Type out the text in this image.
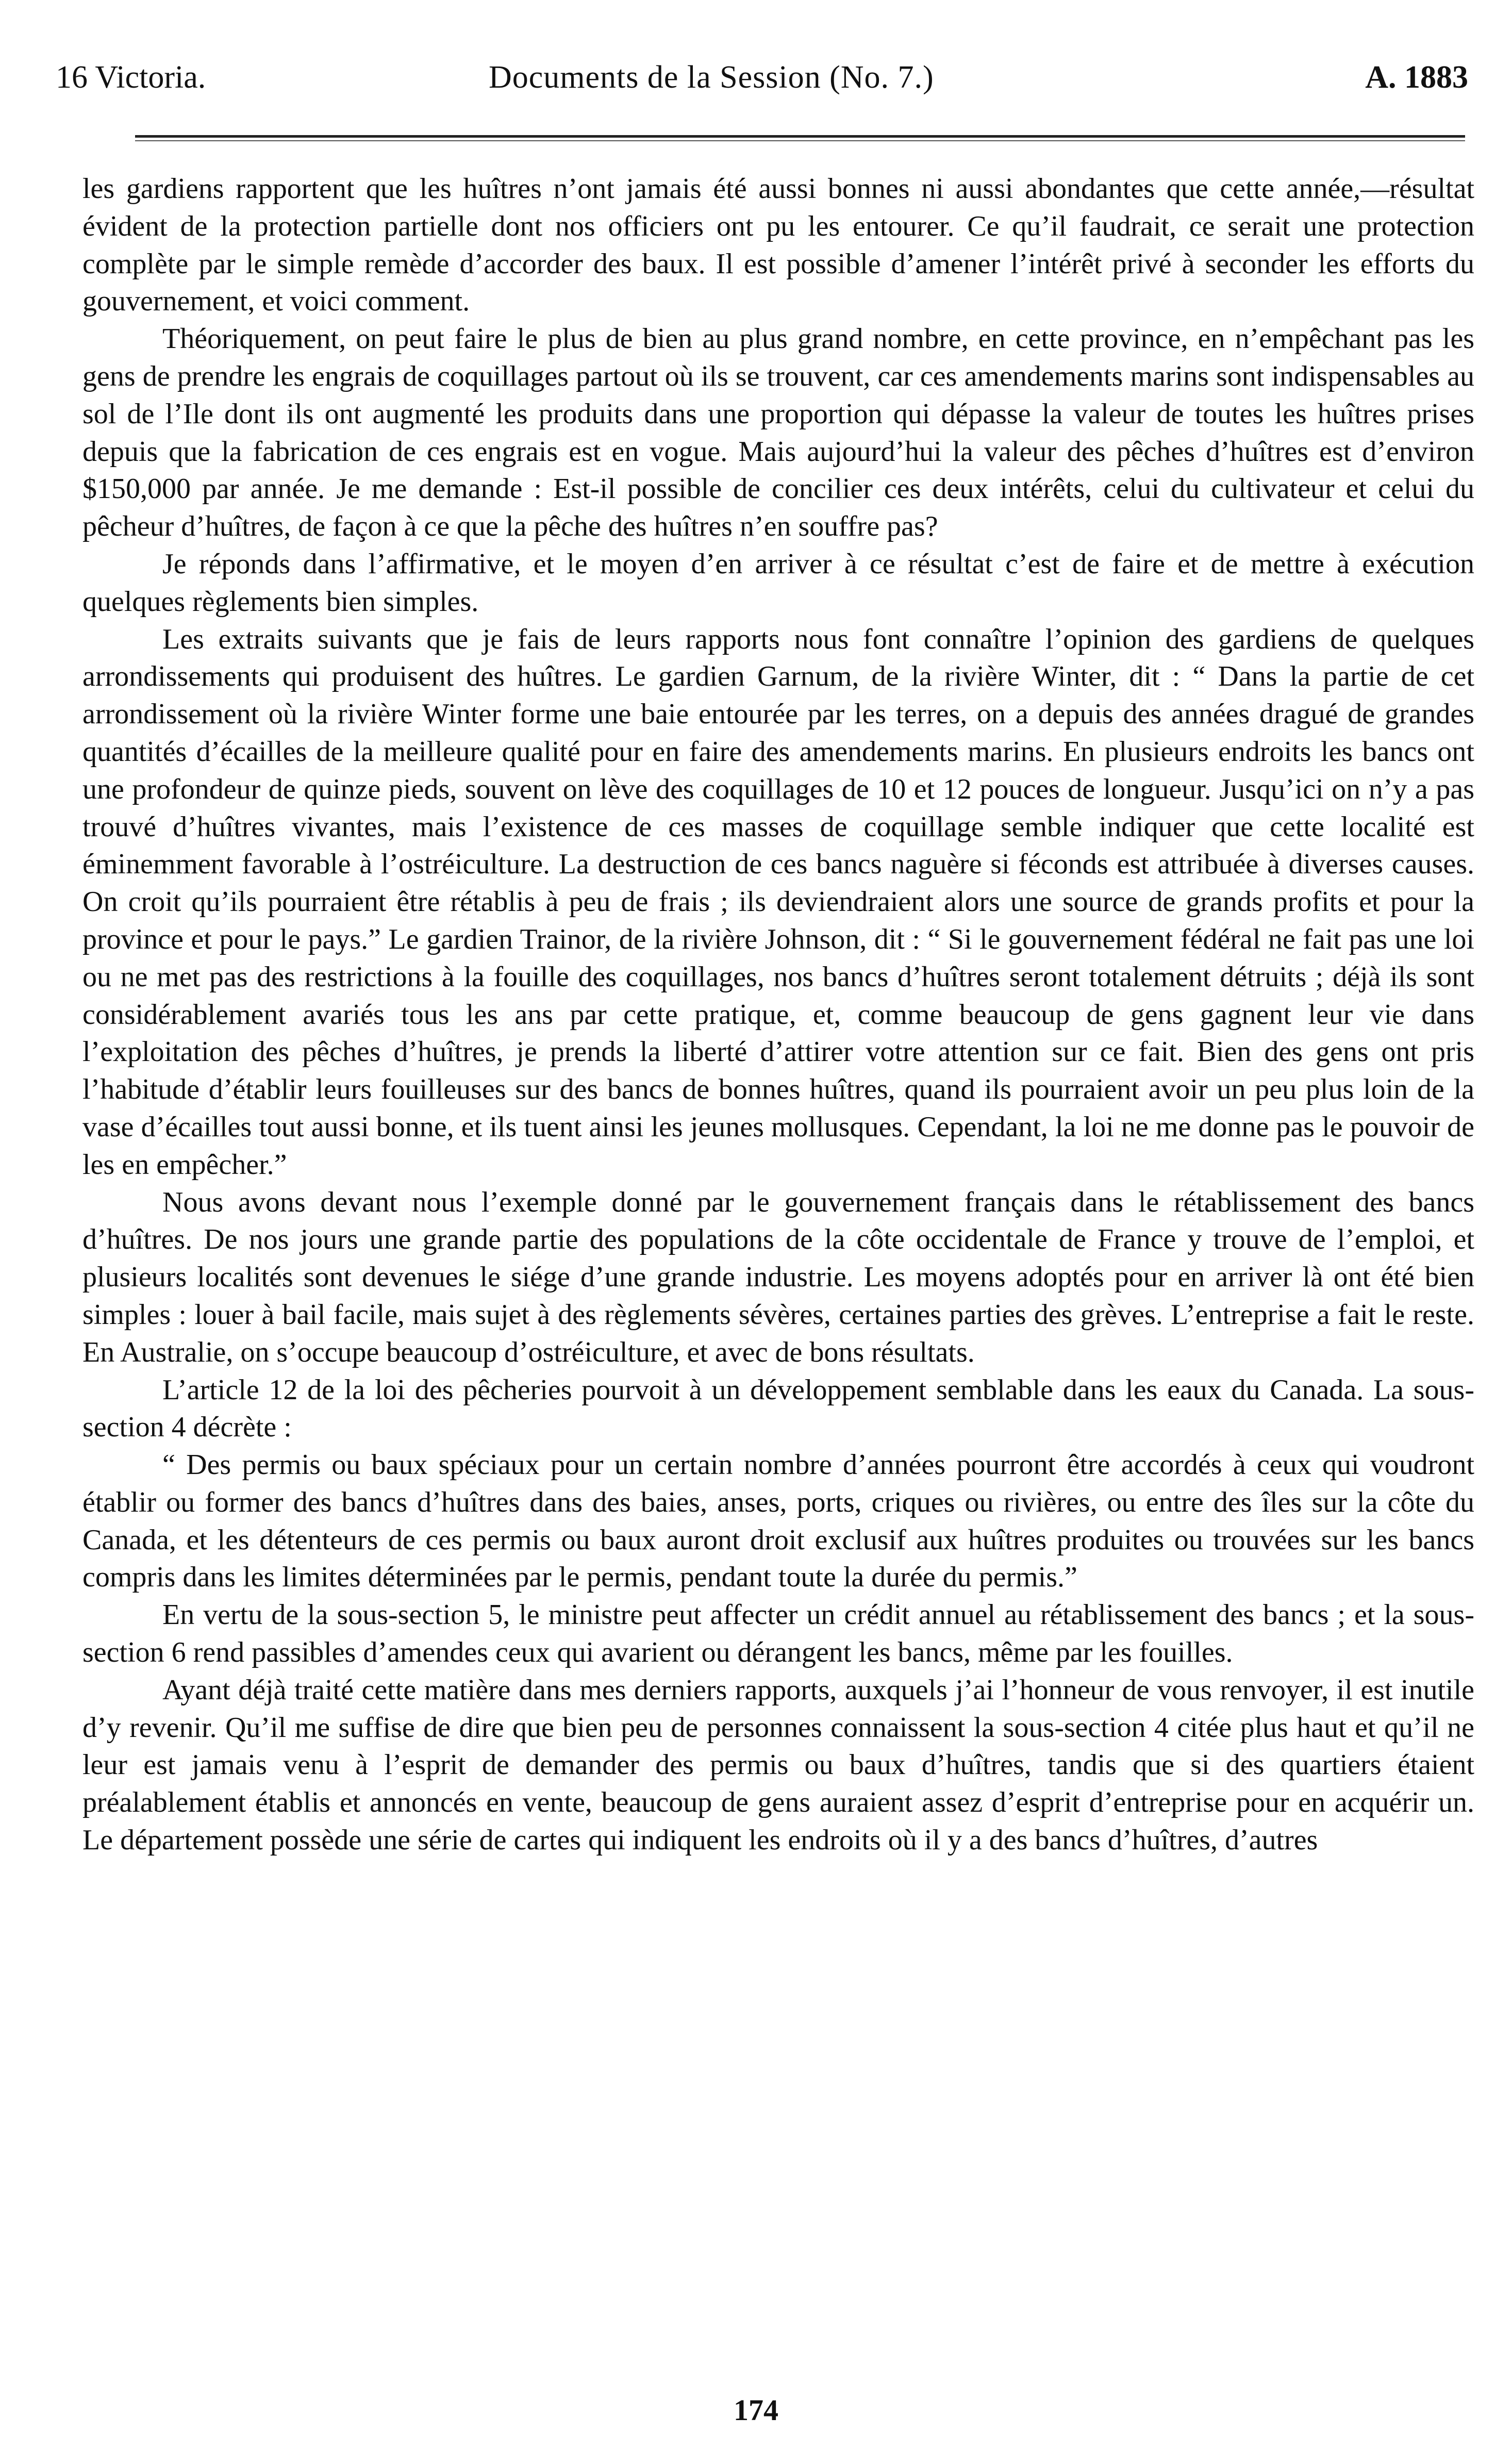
16 Victoria.	Documents de la Session (No. 7.)	A. 1883

les gardiens rapportent que les huîtres n’ont jamais été aussi bonnes ni aussi abondantes que cette année,—résultat évident de la protection partielle dont nos officiers ont pu les entourer. Ce qu’il faudrait, ce serait une protection complète par le simple remède d’accorder des baux. Il est possible d’amener l’intérêt privé à seconder les efforts du gouvernement, et voici comment.

Théoriquement, on peut faire le plus de bien au plus grand nombre, en cette province, en n’empêchant pas les gens de prendre les engrais de coquillages partout où ils se trouvent, car ces amendements marins sont indispensables au sol de l’Ile dont ils ont augmenté les produits dans une proportion qui dépasse la valeur de toutes les huîtres prises depuis que la fabrication de ces engrais est en vogue. Mais aujourd’hui la valeur des pêches d’huîtres est d’environ $150,000 par année. Je me demande : Est-il possible de concilier ces deux intérêts, celui du cultivateur et celui du pêcheur d’huîtres, de façon à ce que la pêche des huîtres n’en souffre pas?

Je réponds dans l’affirmative, et le moyen d’en arriver à ce résultat c’est de faire et de mettre à exécution quelques règlements bien simples.

Les extraits suivants que je fais de leurs rapports nous font connaître l’opinion des gardiens de quelques arrondissements qui produisent des huîtres. Le gardien Garnum, de la rivière Winter, dit : “ Dans la partie de cet arrondissement où la rivière Winter forme une baie entourée par les terres, on a depuis des années dragué de grandes quantités d’écailles de la meilleure qualité pour en faire des amendements marins. En plusieurs endroits les bancs ont une profondeur de quinze pieds, souvent on lève des coquillages de 10 et 12 pouces de longueur. Jusqu’ici on n’y a pas trouvé d’huîtres vivantes, mais l’existence de ces masses de coquillage semble indiquer que cette localité est éminemment favorable à l’ostréiculture. La destruction de ces bancs naguère si féconds est attribuée à diverses causes. On croit qu’ils pourraient être rétablis à peu de frais ; ils deviendraient alors une source de grands profits et pour la province et pour le pays.” Le gardien Trainor, de la rivière Johnson, dit : “ Si le gouvernement fédéral ne fait pas une loi ou ne met pas des restrictions à la fouille des coquillages, nos bancs d’huîtres seront totalement détruits ; déjà ils sont considérablement avariés tous les ans par cette pratique, et, comme beaucoup de gens gagnent leur vie dans l’exploitation des pêches d’huîtres, je prends la liberté d’attirer votre attention sur ce fait. Bien des gens ont pris l’habitude d’établir leurs fouilleuses sur des bancs de bonnes huîtres, quand ils pourraient avoir un peu plus loin de la vase d’écailles tout aussi bonne, et ils tuent ainsi les jeunes mollusques. Cependant, la loi ne me donne pas le pouvoir de les en empêcher.”

Nous avons devant nous l’exemple donné par le gouvernement français dans le rétablissement des bancs d’huîtres. De nos jours une grande partie des populations de la côte occidentale de France y trouve de l’emploi, et plusieurs localités sont devenues le siége d’une grande industrie. Les moyens adoptés pour en arriver là ont été bien simples : louer à bail facile, mais sujet à des règlements sévères, certaines parties des grèves. L’entreprise a fait le reste. En Australie, on s’occupe beaucoup d’ostréiculture, et avec de bons résultats.

L’article 12 de la loi des pêcheries pourvoit à un développement semblable dans les eaux du Canada. La sous-section 4 décrète :

“ Des permis ou baux spéciaux pour un certain nombre d’années pourront être accordés à ceux qui voudront établir ou former des bancs d’huîtres dans des baies, anses, ports, criques ou rivières, ou entre des îles sur la côte du Canada, et les détenteurs de ces permis ou baux auront droit exclusif aux huîtres produites ou trouvées sur les bancs compris dans les limites déterminées par le permis, pendant toute la durée du permis.”

En vertu de la sous-section 5, le ministre peut affecter un crédit annuel au rétablissement des bancs ; et la sous-section 6 rend passibles d’amendes ceux qui avarient ou dérangent les bancs, même par les fouilles.

Ayant déjà traité cette matière dans mes derniers rapports, auxquels j’ai l’honneur de vous renvoyer, il est inutile d’y revenir. Qu’il me suffise de dire que bien peu de personnes connaissent la sous-section 4 citée plus haut et qu’il ne leur est jamais venu à l’esprit de demander des permis ou baux d’huîtres, tandis que si des quartiers étaient préalablement établis et annoncés en vente, beaucoup de gens auraient assez d’esprit d’entreprise pour en acquérir un. Le département possède une série de cartes qui indiquent les endroits où il y a des bancs d’huîtres, d’autres

174
